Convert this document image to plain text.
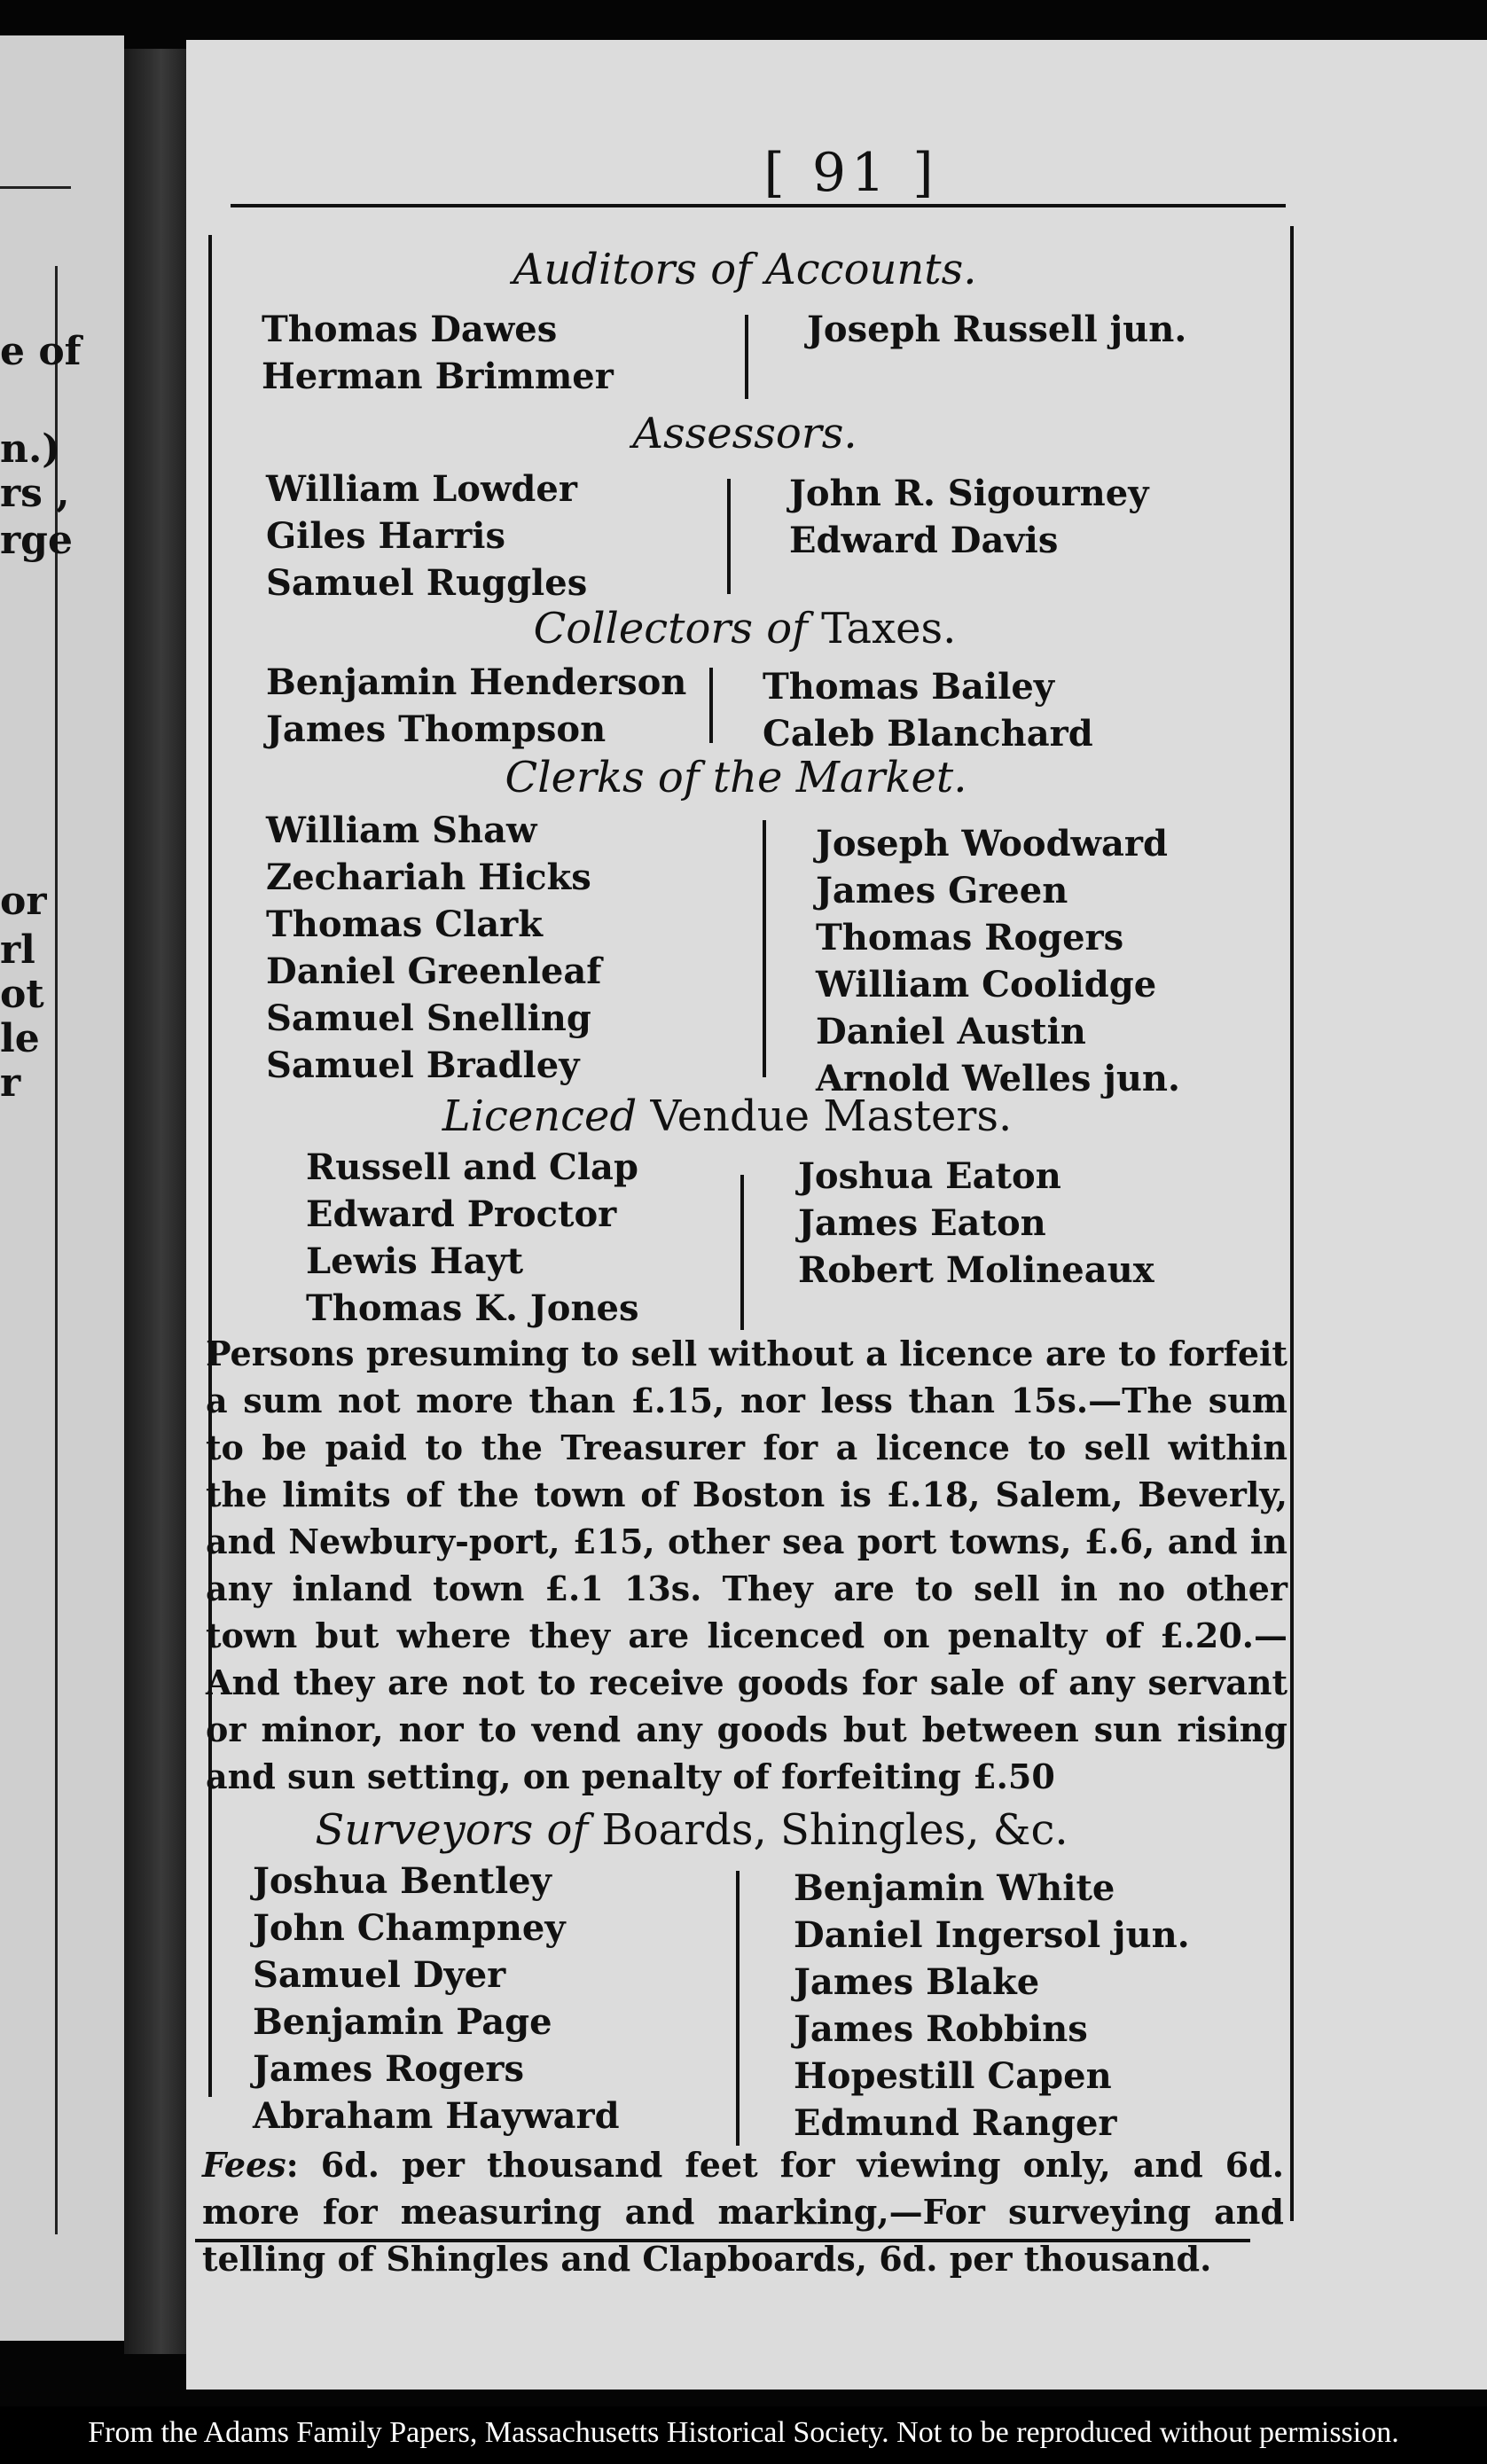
e of
n.)
rs ,
rge
or
rl
ot
le
r
[ 91 ]
Auditors of Accounts.
Thomas Dawes
Herman Brimmer
Joseph Russell jun.
Assessors.
William Lowder
Giles Harris
Samuel Ruggles
John R. Sigourney
Edward Davis
Collectors of Taxes.
Benjamin Henderson
James Thompson
Thomas Bailey
Caleb Blanchard
Clerks of the Market.
William Shaw
Zechariah Hicks
Thomas Clark
Daniel Greenleaf
Samuel Snelling
Samuel Bradley
Joseph Woodward
James Green
Thomas Rogers
William Coolidge
Daniel Austin
Arnold Welles jun.
Licenced Vendue Masters.
Russell and Clap
Edward Proctor
Lewis Hayt
Thomas K. Jones
Joshua Eaton
James Eaton
Robert Molineaux

Persons presuming to sell without a licence are to forfeit a sum not more than £.15, nor less than 15s.—The sum to be paid to the Treasurer for a licence to sell within the limits of the town of Boston is £.18, Salem, Beverly, and Newbury-port, £15, other sea port towns, £.6, and in any inland town £.1 13s. They are to sell in no other town but where they are licenced on penalty of £.20.—And they are not to receive goods for sale of any servant or minor, nor to vend any goods but between sun rising and sun setting, on penalty of forfeiting £.50

Surveyors of Boards, Shingles, &c.
Joshua Bentley
John Champney
Samuel Dyer
Benjamin Page
James Rogers
Abraham Hayward
Benjamin White
Daniel Ingersol jun.
James Blake
James Robbins
Hopestill Capen
Edmund Ranger

Fees: 6d. per thousand feet for viewing only, and 6d. more for measuring and marking,—For surveying and telling of Shingles and Clapboards, 6d. per thousand.

From the Adams Family Papers, Massachusetts Historical Society. Not to be reproduced without permission.
